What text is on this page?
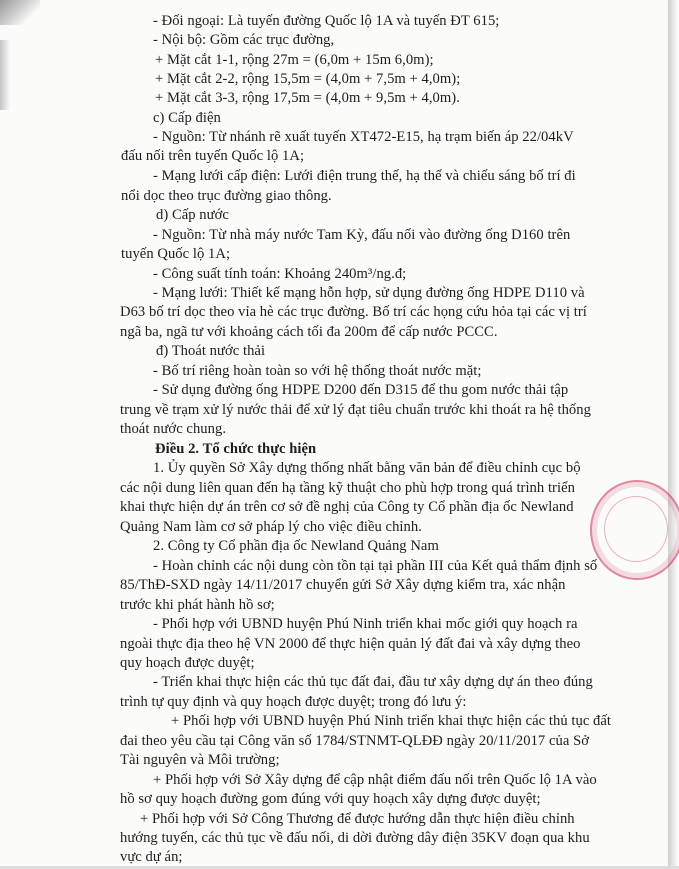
- Đối ngoại: Là tuyến đường Quốc lộ 1A và tuyến ĐT 615;
- Nội bộ: Gồm các trục đường,
+ Mặt cắt 1-1, rộng 27m = (6,0m + 15m 6,0m);
+ Mặt cắt 2-2, rộng 15,5m = (4,0m + 7,5m + 4,0m);
+ Mặt cắt 3-3, rộng 17,5m = (4,0m + 9,5m + 4,0m).
c) Cấp điện
- Nguồn: Từ nhánh rẽ xuất tuyến XT472-E15, hạ trạm biến áp 22/04kV
đấu nối trên tuyến Quốc lộ 1A;
- Mạng lưới cấp điện: Lưới điện trung thế, hạ thế và chiếu sáng bố trí đi
nổi dọc theo trục đường giao thông.
d) Cấp nước
- Nguồn: Từ nhà máy nước Tam Kỳ, đấu nối vào đường ống D160 trên
tuyến Quốc lộ 1A;
- Công suất tính toán: Khoảng 240m³/ng.đ;
- Mạng lưới: Thiết kế mạng hỗn hợp, sử dụng đường ống HDPE D110 và
D63 bố trí dọc theo vỉa hè các trục đường. Bố trí các họng cứu hỏa tại các vị trí
ngã ba, ngã tư với khoảng cách tối đa 200m để cấp nước PCCC.
đ) Thoát nước thải
- Bố trí riêng hoàn toàn so với hệ thống thoát nước mặt;
- Sử dụng đường ống HDPE D200 đến D315 để thu gom nước thải tập
trung về trạm xử lý nước thải để xử lý đạt tiêu chuẩn trước khi thoát ra hệ thống
thoát nước chung.
Điều 2. Tổ chức thực hiện
1. Ủy quyền Sở Xây dựng thống nhất bằng văn bản để điều chỉnh cục bộ
các nội dung liên quan đến hạ tầng kỹ thuật cho phù hợp trong quá trình triển
khai thực hiện dự án trên cơ sở đề nghị của Công ty Cổ phần địa ốc Newland
Quảng Nam làm cơ sở pháp lý cho việc điều chỉnh.
2. Công ty Cổ phần địa ốc Newland Quảng Nam
- Hoàn chỉnh các nội dung còn tồn tại tại phần III của Kết quả thẩm định số
85/ThĐ-SXD ngày 14/11/2017 chuyển gửi Sở Xây dựng kiểm tra, xác nhận
trước khi phát hành hồ sơ;
- Phối hợp với UBND huyện Phú Ninh triển khai mốc giới quy hoạch ra
ngoài thực địa theo hệ VN 2000 để thực hiện quản lý đất đai và xây dựng theo
quy hoạch được duyệt;
- Triển khai thực hiện các thủ tục đất đai, đầu tư xây dựng dự án theo đúng
trình tự quy định và quy hoạch được duyệt; trong đó lưu ý:
+ Phối hợp với UBND huyện Phú Ninh triển khai thực hiện các thủ tục đất
đai theo yêu cầu tại Công văn số 1784/STNMT-QLĐĐ ngày 20/11/2017 của Sở
Tài nguyên và Môi trường;
+ Phối hợp với Sở Xây dựng để cập nhật điểm đấu nối trên Quốc lộ 1A vào
hồ sơ quy hoạch đường gom đúng với quy hoạch xây dựng được duyệt;
+ Phối hợp với Sở Công Thương để được hướng dẫn thực hiện điều chỉnh
hướng tuyến, các thủ tục về đấu nối, di dời đường dây điện 35KV đoạn qua khu
vực dự án;
